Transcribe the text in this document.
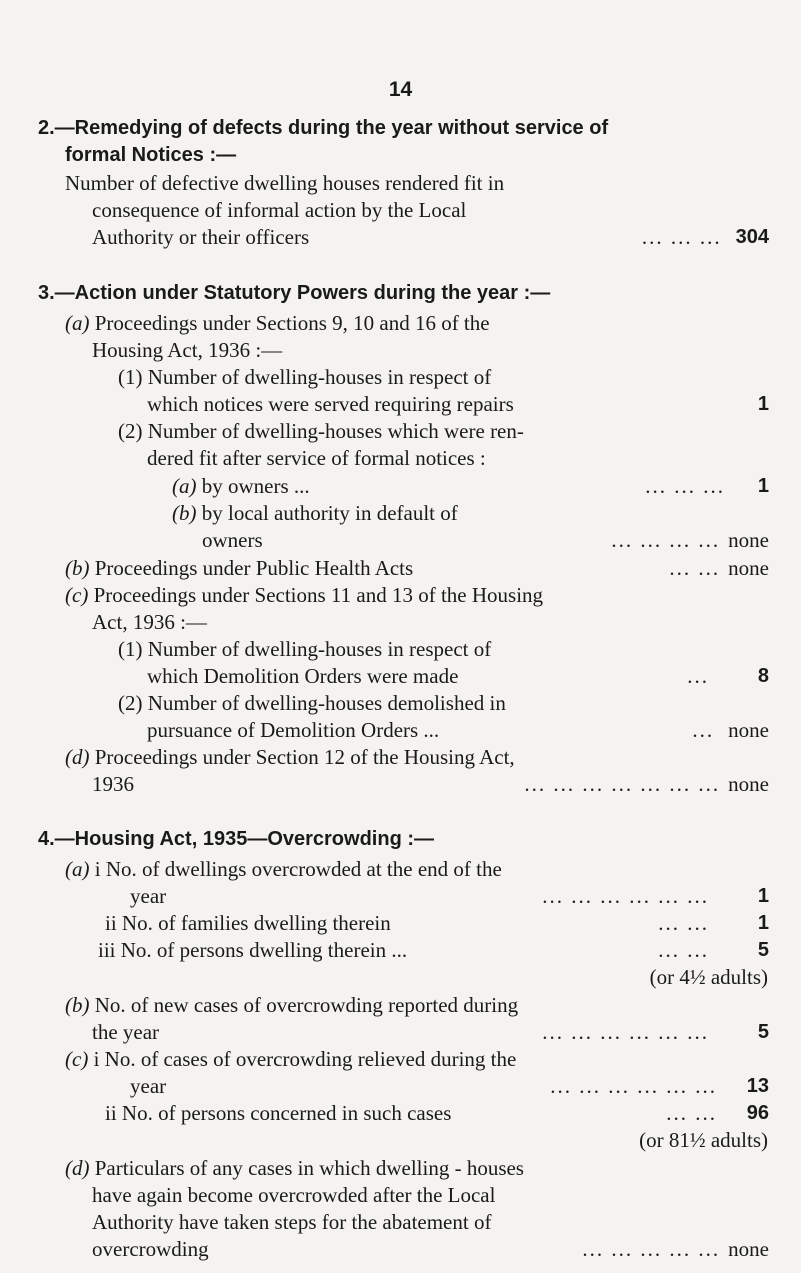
14
2.—Remedying of defects during the year without service of
formal Notices :—
Number of defective dwelling houses rendered fit in
consequence of informal action by the Local
Authority or their officers	... ... ... 304
3.—Action under Statutory Powers during the year :—
(a) Proceedings under Sections 9, 10 and 16 of the
Housing Act, 1936 :—
(1) Number of dwelling-houses in respect of
which notices were served requiring repairs	1
(2) Number of dwelling-houses which were ren-
dered fit after service of formal notices :
(a) by owners ...	... ... ...	1
(b) by local authority in default of
owners	... ... ... ... none
(b) Proceedings under Public Health Acts	... ... none
(c) Proceedings under Sections 11 and 13 of the Housing
Act, 1936 :—
(1) Number of dwelling-houses in respect of
which Demolition Orders were made	...	8
(2) Number of dwelling-houses demolished in
pursuance of Demolition Orders ...	... none
(d) Proceedings under Section 12 of the Housing Act,
1936	... ... ... ... ... ... ... none
4.—Housing Act, 1935—Overcrowding :—
(a) i No. of dwellings overcrowded at the end of the
year	... ... ... ... ... ...	1
ii No. of families dwelling therein	... ...	1
iii No. of persons dwelling therein ...	... ...	5
(or 4½ adults)
(b) No. of new cases of overcrowding reported during
the year	... ... ... ... ... ...	5
(c) i No. of cases of overcrowding relieved during the
year	... ... ... ... ... ...	13
ii No. of persons concerned in such cases	... ...	96
(or 81½ adults)
(d) Particulars of any cases in which dwelling - houses
have again become overcrowded after the Local
Authority have taken steps for the abatement of
overcrowding	... ... ... ... ... none
